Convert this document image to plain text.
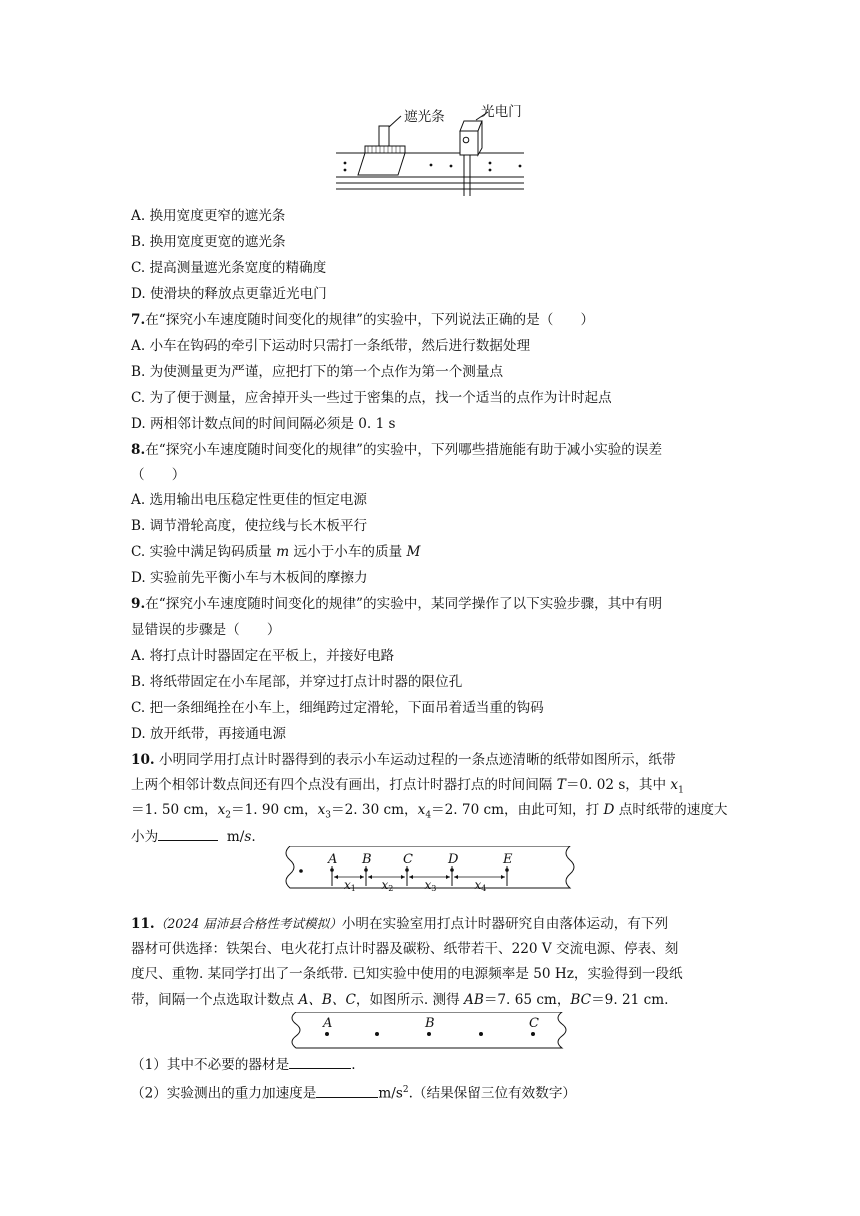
遮光条	光电门
A. 换用宽度更窄的遮光条
B. 换用宽度更宽的遮光条
C. 提高测量遮光条宽度的精确度
D. 使滑块的释放点更靠近光电门
7.在“探究小车速度随时间变化的规律”的实验中，下列说法正确的是（　　）
A. 小车在钩码的牵引下运动时只需打一条纸带，然后进行数据处理
B. 为使测量更为严谨，应把打下的第一个点作为第一个测量点
C. 为了便于测量，应舍掉开头一些过于密集的点，找一个适当的点作为计时起点
D. 两相邻计数点间的时间间隔必须是 0. 1 s
8.在“探究小车速度随时间变化的规律”的实验中，下列哪些措施能有助于减小实验的误差
（　　）
A. 选用输出电压稳定性更佳的恒定电源
B. 调节滑轮高度，使拉线与长木板平行
C. 实验中满足钩码质量 m 远小于小车的质量 M
D. 实验前先平衡小车与木板间的摩擦力
9.在“探究小车速度随时间变化的规律”的实验中，某同学操作了以下实验步骤，其中有明
显错误的步骤是（　　）
A. 将打点计时器固定在平板上，并接好电路
B. 将纸带固定在小车尾部，并穿过打点计时器的限位孔
C. 把一条细绳拴在小车上，细绳跨过定滑轮，下面吊着适当重的钩码
D. 放开纸带，再接通电源
10. 小明同学用打点计时器得到的表示小车运动过程的一条点迹清晰的纸带如图所示，纸带
上两个相邻计数点间还有四个点没有画出，打点计时器打点的时间间隔 T＝0. 02 s，其中 $x_1$
＝1. 50 cm，$x_2=1$. 90 cm，$x_3=2$. 30 cm，$x_4=2$. 70 cm，由此可知，打 D 点时纸带的速度大
小为	m/s.
A B C	D	E
x1 x2	x3	x4
11.（2024 届沛县合格性考试模拟）小明在实验室用打点计时器研究自由落体运动，有下列
器材可供选择：铁架台、电火花打点计时器及碳粉、纸带若干、220 V 交流电源、停表、刻
度尺、重物. 某同学打出了一条纸带. 已知实验中使用的电源频率是 50 Hz，实验得到一段纸
带，间隔一个点选取计数点 A、B、C，如图所示. 测得 AB＝7. 65 cm，BC＝9. 21 cm.
A	B	C
（1）其中不必要的器材是	.
（2）实验测出的重力加速度是	$m/s^2$.（结果保留三位有效数字）
